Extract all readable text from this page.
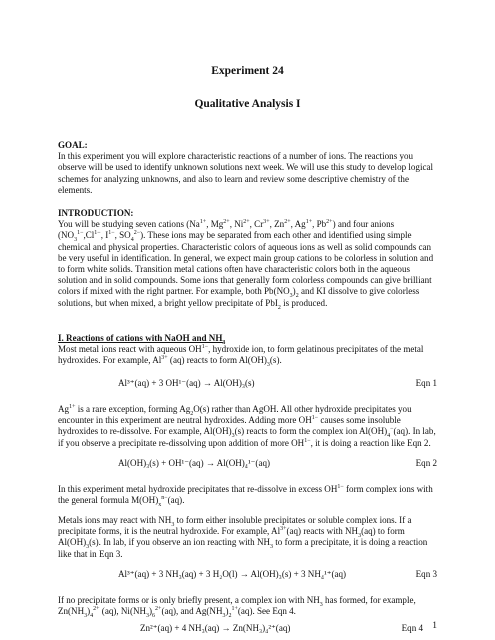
Experiment 24
Qualitative Analysis I
GOAL:
In this experiment you will explore characteristic reactions of a number of ions. The reactions you observe will be used to identify unknown solutions next week. We will use this study to develop logical schemes for analyzing unknowns, and also to learn and review some descriptive chemistry of the elements.
INTRODUCTION:
You will be studying seven cations ($Na^{1+}$, $Mg^{2+}$, $Ni^{2+}$, $Cr^{3+}$, $Zn^{2+}$, $Ag^{1+}$, $Pb^{2+}$) and four anions ($NO_3^{1-},Cl^{1-}$, $I^{1-}$, $SO_4^{2-}$). These ions may be separated from each other and identified using simple chemical and physical properties. Characteristic colors of aqueous ions as well as solid compounds can be very useful in identification. In general, we expect main group cations to be colorless in solution and to form white solids. Transition metal cations often have characteristic colors both in the aqueous solution and in solid compounds. Some ions that generally form colorless compounds can give brilliant colors if mixed with the right partner. For example, both $Pb(NO_3)_2$ and KI dissolve to give colorless solutions, but when mixed, a bright yellow precipitate of PbI$_2$ is produced.
I. Reactions of cations with NaOH and $NH_3$
Most metal ions react with aqueous $OH^{1-}$, hydroxide ion, to form gelatinous precipitates of the metal hydroxides. For example, $Al^{3+}$ (aq) reacts to form $Al(OH)_3(s)$.
Al³⁺(aq) + 3 OH¹⁻(aq) → Al(OH)₃(s)	Eqn 1
$Ag^{1+}$ is a rare exception, forming $Ag_2O(s)$ rather than AgOH. All other hydroxide precipitates you encounter in this experiment are neutral hydroxides. Adding more $OH^{1-}$ causes some insoluble hydroxides to re-dissolve. For example, $Al(OH)_3(s)$ reacts to form the complex ion $Al(OH)_4^-(aq)$. In lab, if you observe a precipitate re-dissolving upon addition of more $OH^{1-}$, it is doing a reaction like Eqn 2.
Al(OH)₃(s) + OH¹⁻(aq) → Al(OH)₄¹⁻(aq)	Eqn 2
In this experiment metal hydroxide precipitates that re-dissolve in excess $OH^{1-}$ form complex ions with the general formula $M(OH)_x^{n-}(aq)$.
Metals ions may react with $NH_3$ to form either insoluble precipitates or soluble complex ions. If a precipitate forms, it is the neutral hydroxide. For example, $Al^{3+}(aq)$ reacts with $NH_3(aq)$ to form $Al(OH)_3(s)$. In lab, if you observe an ion reacting with $NH_3$ to form a precipitate, it is doing a reaction like that in Eqn 3.
Al³⁺(aq) + 3 NH₃(aq) + 3 H₂O(l) → Al(OH)₃(s) + 3 NH₄¹⁺(aq)	Eqn 3
If no precipitate forms or is only briefly present, a complex ion with $NH_3$ has formed, for example, $Zn(NH_3)_4^{2+}$ (aq), $Ni(NH_3)_6^{2+}(aq)$, and $Ag(NH_3)_2^{1+}(aq)$. See Eqn 4.
Zn²⁺(aq) + 4 NH₃(aq) → Zn(NH₃)₄²⁺(aq)	Eqn 4 1
